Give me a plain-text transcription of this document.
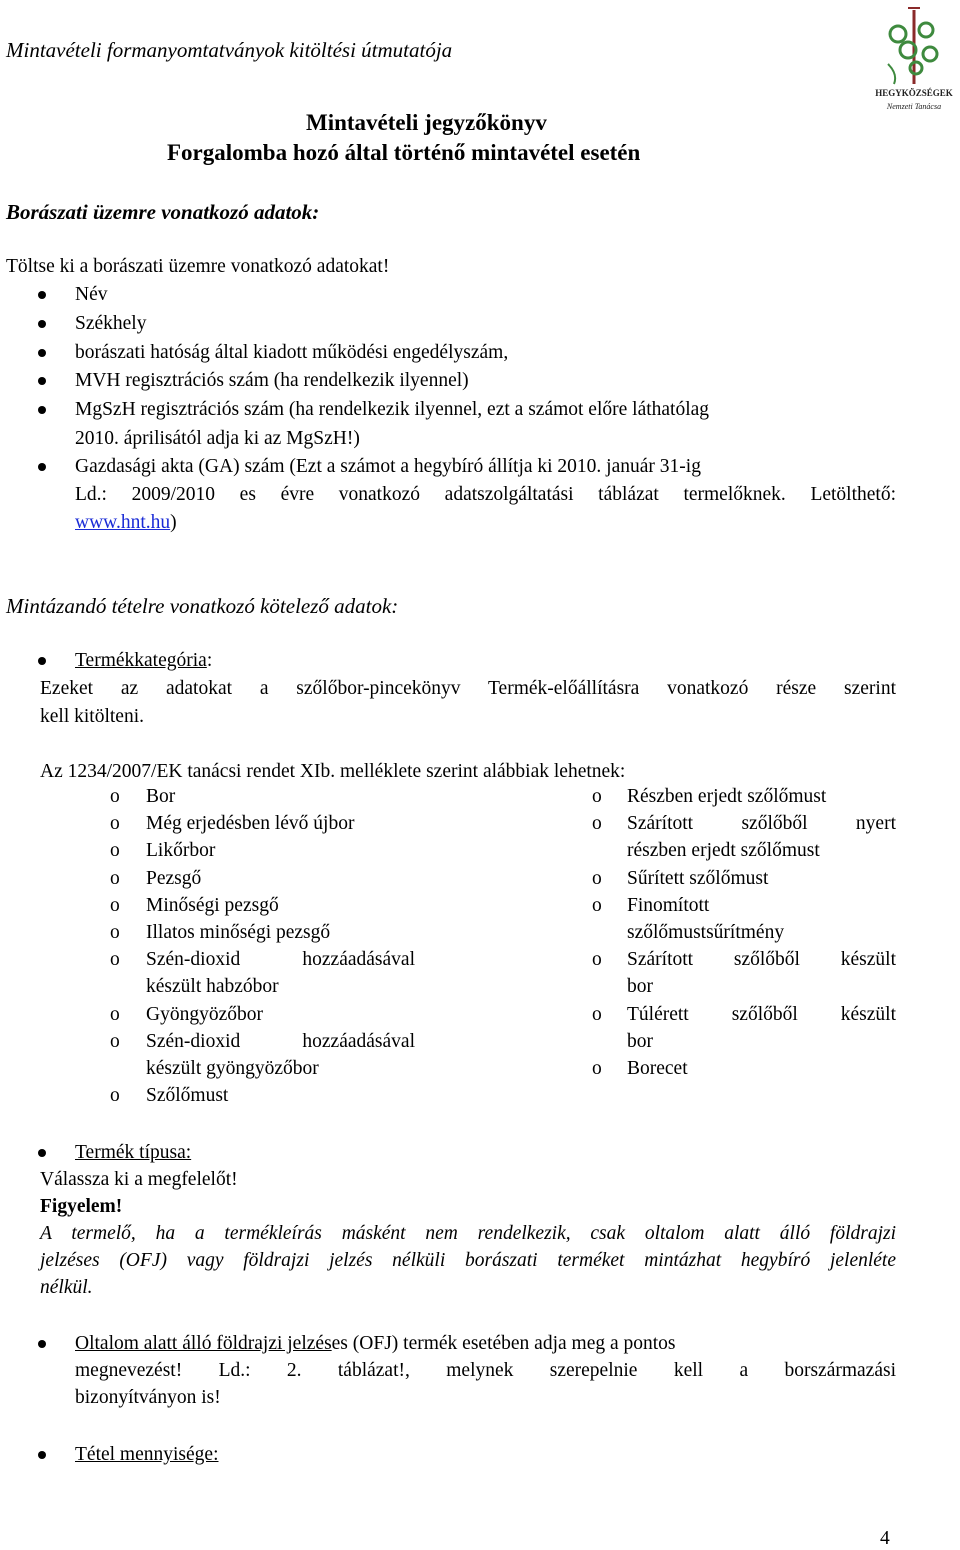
Mintavételi formanyomtatványok kitöltési útmutatója
HEGYKÖZSÉGEK
Nemzeti Tanácsa
Mintavételi jegyzőkönyv
Forgalomba hozó által történő mintavétel esetén
Borászati üzemre vonatkozó adatok:
Töltse ki a borászati üzemre vonatkozó adatokat!
Név
Székhely
borászati hatóság által kiadott működési engedélyszám,
MVH regisztrációs szám (ha rendelkezik ilyennel)
MgSzH regisztrációs szám (ha rendelkezik ilyennel, ezt a számot előre láthatólag
2010. áprilisától adja ki az MgSzH!)
Gazdasági akta (GA) szám (Ezt a számot a hegybíró állítja ki 2010. január 31-ig
Ld.: 2009/2010 es évre vonatkozó adatszolgáltatási táblázat termelőknek. Letölthető:
www.hnt.hu)
Mintázandó tételre vonatkozó kötelező adatok:
Termékkategória:
Ezeket az adatokat a szőlőbor-pincekönyv Termék-előállításra vonatkozó része szerint
kell kitölteni.
Az 1234/2007/EK tanácsi rendet XIb. melléklete szerint alábbiak lehetnek:
o Bor
o Még erjedésben lévő újbor
o Likőrbor
o Pezsgő
o Minőségi pezsgő
o Illatos minőségi pezsgő
o Szén-dioxid hozzáadásával
készült habzóbor
o Gyöngyözőbor
o Szén-dioxid hozzáadásával
készült gyöngyözőbor
o Szőlőmust
o Részben erjedt szőlőmust
o Szárított szőlőből nyert
részben erjedt szőlőmust
o Sűrített szőlőmust
o Finomított
szőlőmustsűrítmény
o Szárított szőlőből készült
bor
o Túlérett szőlőből készült
bor
o Borecet
Termék típusa:
Válassza ki a megfelelőt!
Figyelem!
A termelő, ha a termékleírás másként nem rendelkezik, csak oltalom alatt álló földrajzi
jelzéses (OFJ) vagy földrajzi jelzés nélküli borászati terméket mintázhat hegybíró jelenléte
nélkül.
Oltalom alatt álló földrajzi jelzéses (OFJ) termék esetében adja meg a pontos
megnevezést! Ld.: 2. táblázat!, melynek szerepelnie kell a borszármazási
bizonyítványon is!
Tétel mennyisége:
4
